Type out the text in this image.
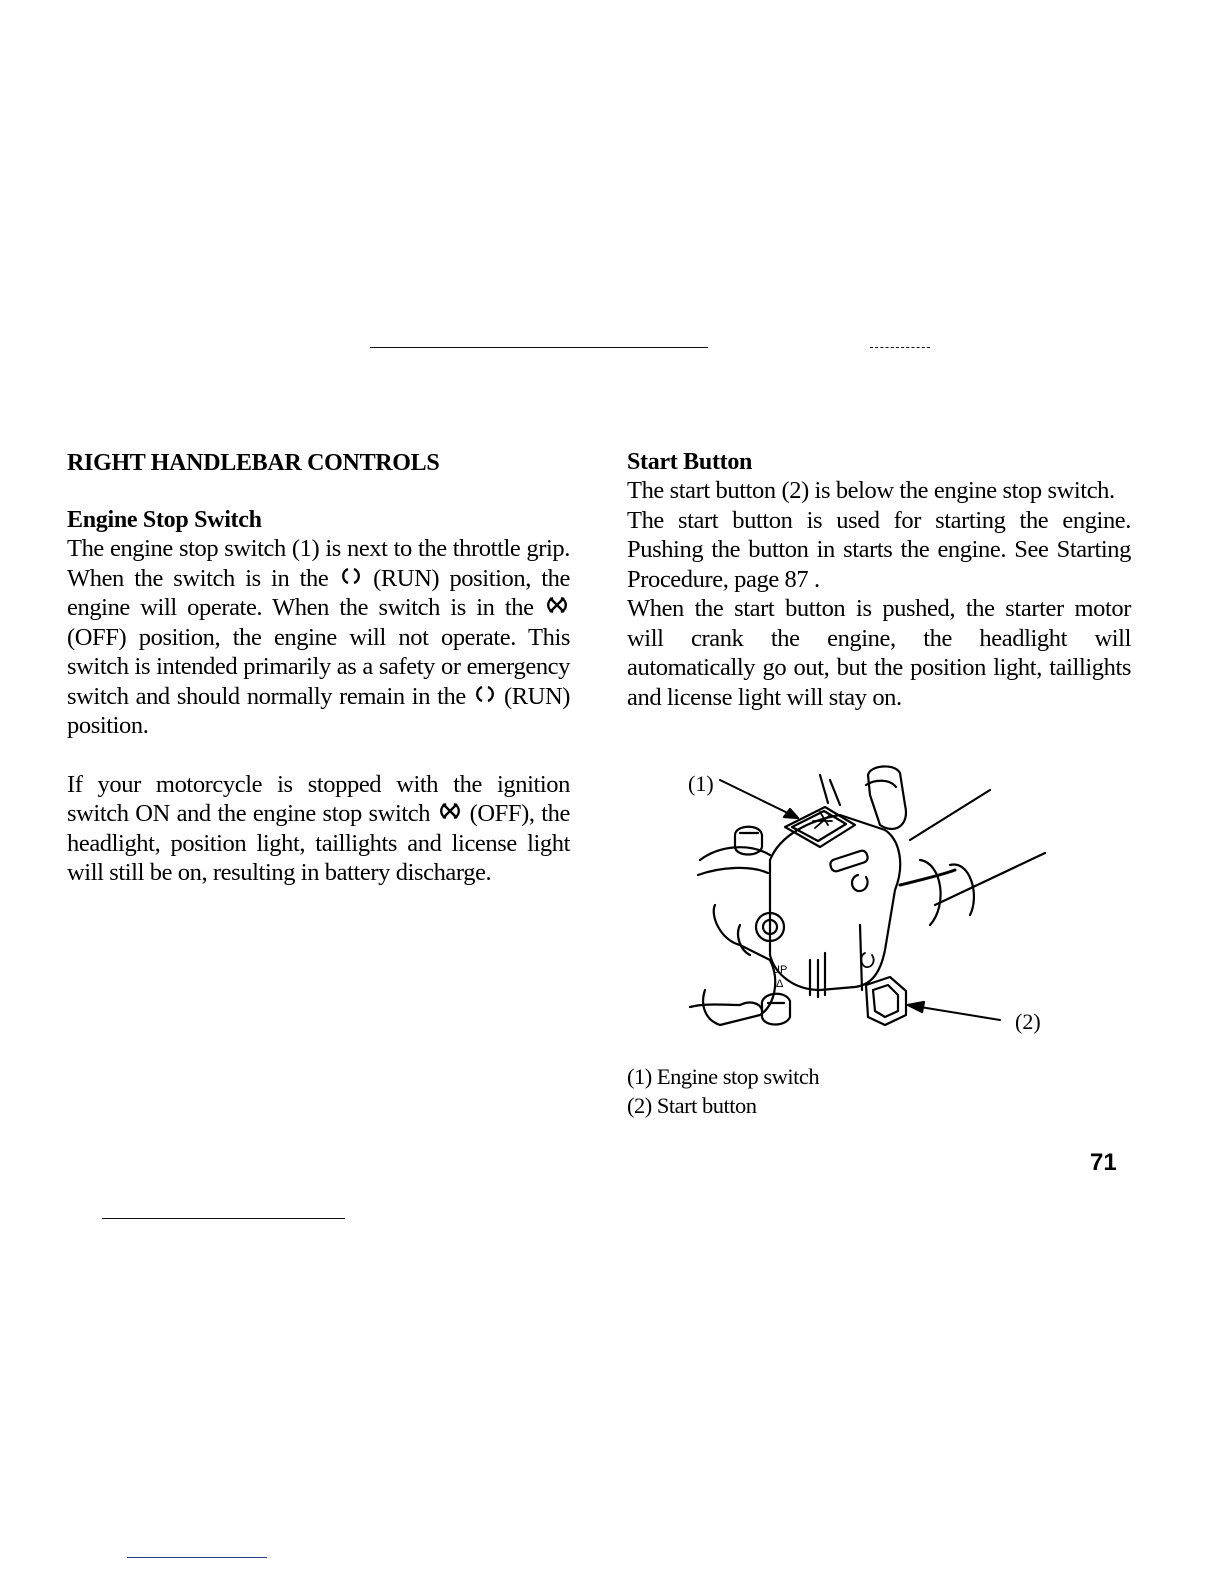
RIGHT HANDLEBAR CONTROLS
Engine Stop Switch

The engine stop switch (1) is next to the throttle grip. When the switch is in the (RUN) position, the engine will operate. When the switch is in the  (OFF) position, the engine will not operate. This switch is intended primarily as a safety or emergency switch and should normally remain in the (RUN) position.

If your motorcycle is stopped with the ignition switch ON and the engine stop switch (OFF), the headlight, position light, taillights and license light will still be on, resulting in battery discharge.

Start Button

The start button (2) is below the engine stop switch.

The start button is used for starting the engine. Pushing the button in starts the engine. See Starting Procedure, page 87 .

When the start button is pushed, the starter motor will crank the engine, the headlight will automatically go out, but the position light, taillights and license light will stay on.

UP
Δ
(1)
(2)
(1) Engine stop switch
(2) Start button
71
